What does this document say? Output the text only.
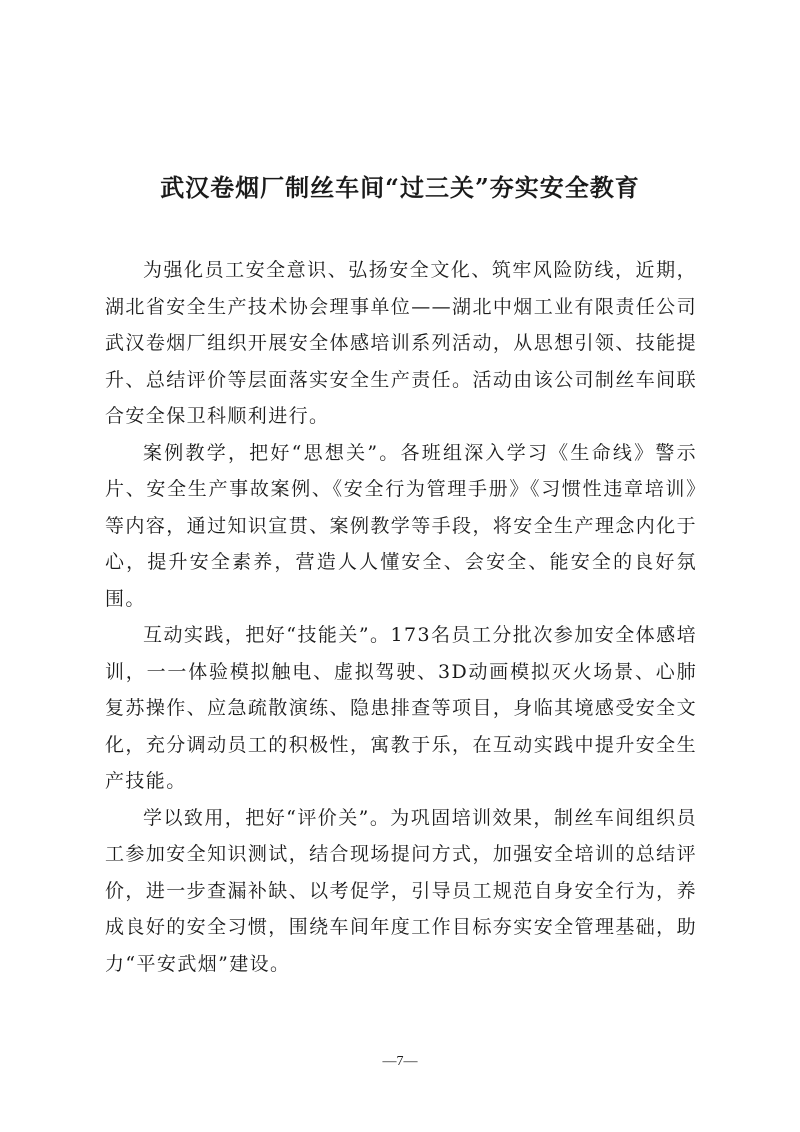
武汉卷烟厂制丝车间“过三关”夯实安全教育

为强化员工安全意识、弘扬安全文化、筑牢风险防线，近期，湖北省安全生产技术协会理事单位——湖北中烟工业有限责任公司武汉卷烟厂组织开展安全体感培训系列活动，从思想引领、技能提升、总结评价等层面落实安全生产责任。活动由该公司制丝车间联合安全保卫科顺利进行。

案例教学，把好“思想关”。各班组深入学习《生命线》警示片、安全生产事故案例、《安全行为管理手册》《习惯性违章培训》等内容，通过知识宣贯、案例教学等手段，将安全生产理念内化于心，提升安全素养，营造人人懂安全、会安全、能安全的良好氛围。

互动实践，把好“技能关”。173名员工分批次参加安全体感培训，一一体验模拟触电、虚拟驾驶、3D动画模拟灭火场景、心肺复苏操作、应急疏散演练、隐患排查等项目，身临其境感受安全文化，充分调动员工的积极性，寓教于乐，在互动实践中提升安全生产技能。

学以致用，把好“评价关”。为巩固培训效果，制丝车间组织员工参加安全知识测试，结合现场提问方式，加强安全培训的总结评价，进一步查漏补缺、以考促学，引导员工规范自身安全行为，养成良好的安全习惯，围绕车间年度工作目标夯实安全管理基础，助力“平安武烟”建设。

—7—
